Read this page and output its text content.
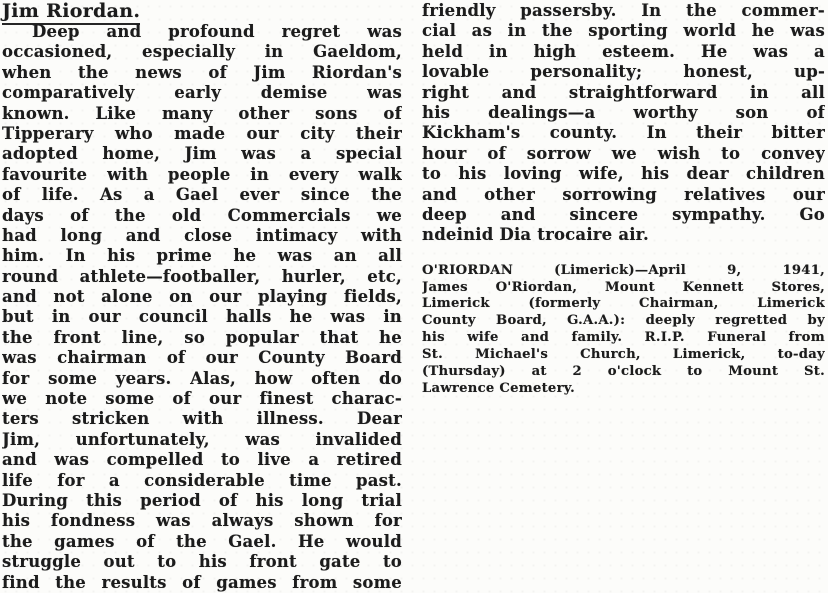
Jim Riordan.
Deep and profound regret was
occasioned, especially in Gaeldom,
when the news of Jim Riordan's
comparatively early demise was
known. Like many other sons of
Tipperary who made our city their
adopted home, Jim was a special
favourite with people in every walk
of life. As a Gael ever since the
days of the old Commercials we
had long and close intimacy with
him. In his prime he was an all
round athlete—footballer, hurler, etc,
and not alone on our playing fields,
but in our council halls he was in
the front line, so popular that he
was chairman of our County Board
for some years. Alas, how often do
we note some of our finest charac-
ters stricken with illness. Dear
Jim, unfortunately, was invalided
and was compelled to live a retired
life for a considerable time past.
During this period of his long trial
his fondness was always shown for
the games of the Gael. He would
struggle out to his front gate to
find the results of games from some
friendly passersby. In the commer-
cial as in the sporting world he was
held in high esteem. He was a
lovable personality; honest, up-
right and straightforward in all
his dealings—a worthy son of
Kickham's county. In their bitter
hour of sorrow we wish to convey
to his loving wife, his dear children
and other sorrowing relatives our
deep and sincere sympathy. Go
ndeinid Dia trocaire air.
O'RIORDAN	(Limerick)—April	9,	1941,
James O'Riordan, Mount Kennett Stores,
Limerick	(formerly	Chairman,	Limerick
County Board, G.A.A.): deeply regretted by
his wife and family. R.I.P. Funeral from
St. Michael's Church, Limerick, to-day
(Thursday) at 2 o'clock to Mount St.
Lawrence Cemetery.
